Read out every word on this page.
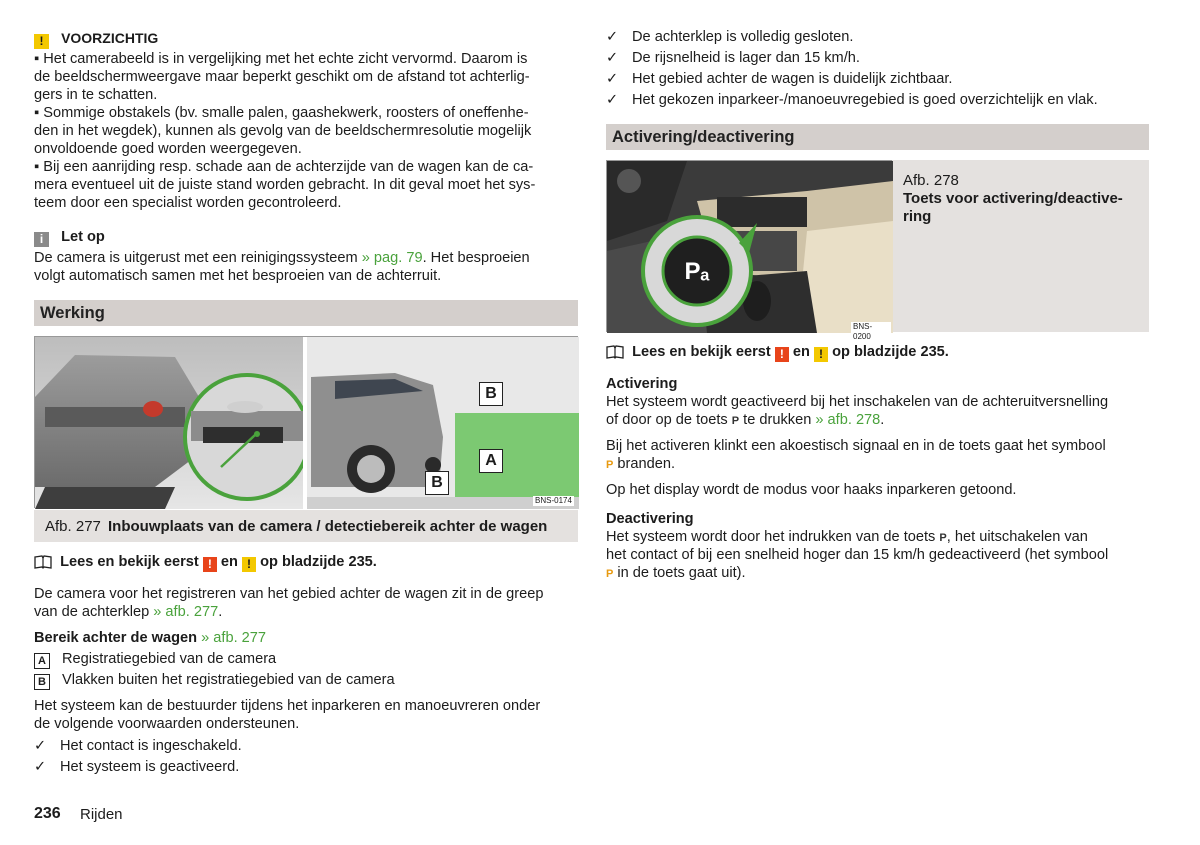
! VOORZICHTIG
▪ Het camerabeeld is in vergelijking met het echte zicht vervormd. Daarom is
de beeldschermweergave maar beperkt geschikt om de afstand tot achterlig-
gers in te schatten.
▪ Sommige obstakels (bv. smalle palen, gaashekwerk, roosters of oneffenhe-
den in het wegdek), kunnen als gevolg van de beeldschermresolutie mogelijk
onvoldoende goed worden weergegeven.
▪ Bij een aanrijding resp. schade aan de achterzijde van de wagen kan de ca-
mera eventueel uit de juiste stand worden gebracht. In dit geval moet het sys-
teem door een specialist worden gecontroleerd.
i Let op
De camera is uitgerust met een reinigingssysteem » pag. 79. Het besproeien
volgt automatisch samen met het besproeien van de achterruit.
Werking
B
A
B
BNS-0174
Afb. 277 Inbouwplaats van de camera / detectiebereik achter de wagen
Lees en bekijk eerst ! en ! op bladzijde 235.
De camera voor het registreren van het gebied achter de wagen zit in de greep
van de achterklep » afb. 277.
Bereik achter de wagen » afb. 277
A Registratiegebied van de camera
B Vlakken buiten het registratiegebied van de camera
Het systeem kan de bestuurder tijdens het inparkeren en manoeuvreren onder
de volgende voorwaarden ondersteunen.
✓ Het contact is ingeschakeld.
✓ Het systeem is geactiveerd.
236 Rijden
✓ De achterklep is volledig gesloten.
✓ De rijsnelheid is lager dan 15 km/h.
✓ Het gebied achter de wagen is duidelijk zichtbaar.
✓ Het gekozen inparkeer-/manoeuvregebied is goed overzichtelijk en vlak.
Activering/deactivering
Pₐ
BNS-0200
Afb. 278
Toets voor activering/deactive-
ring
Lees en bekijk eerst ! en ! op bladzijde 235.
Activering
Het systeem wordt geactiveerd bij het inschakelen van de achteruitversnelling
of door op de toets P te drukken » afb. 278.
Bij het activeren klinkt een akoestisch signaal en in de toets gaat het symbool
P branden.
Op het display wordt de modus voor haaks inparkeren getoond.
Deactivering
Het systeem wordt door het indrukken van de toets P, het uitschakelen van
het contact of bij een snelheid hoger dan 15 km/h gedeactiveerd (het symbool
P in de toets gaat uit).
